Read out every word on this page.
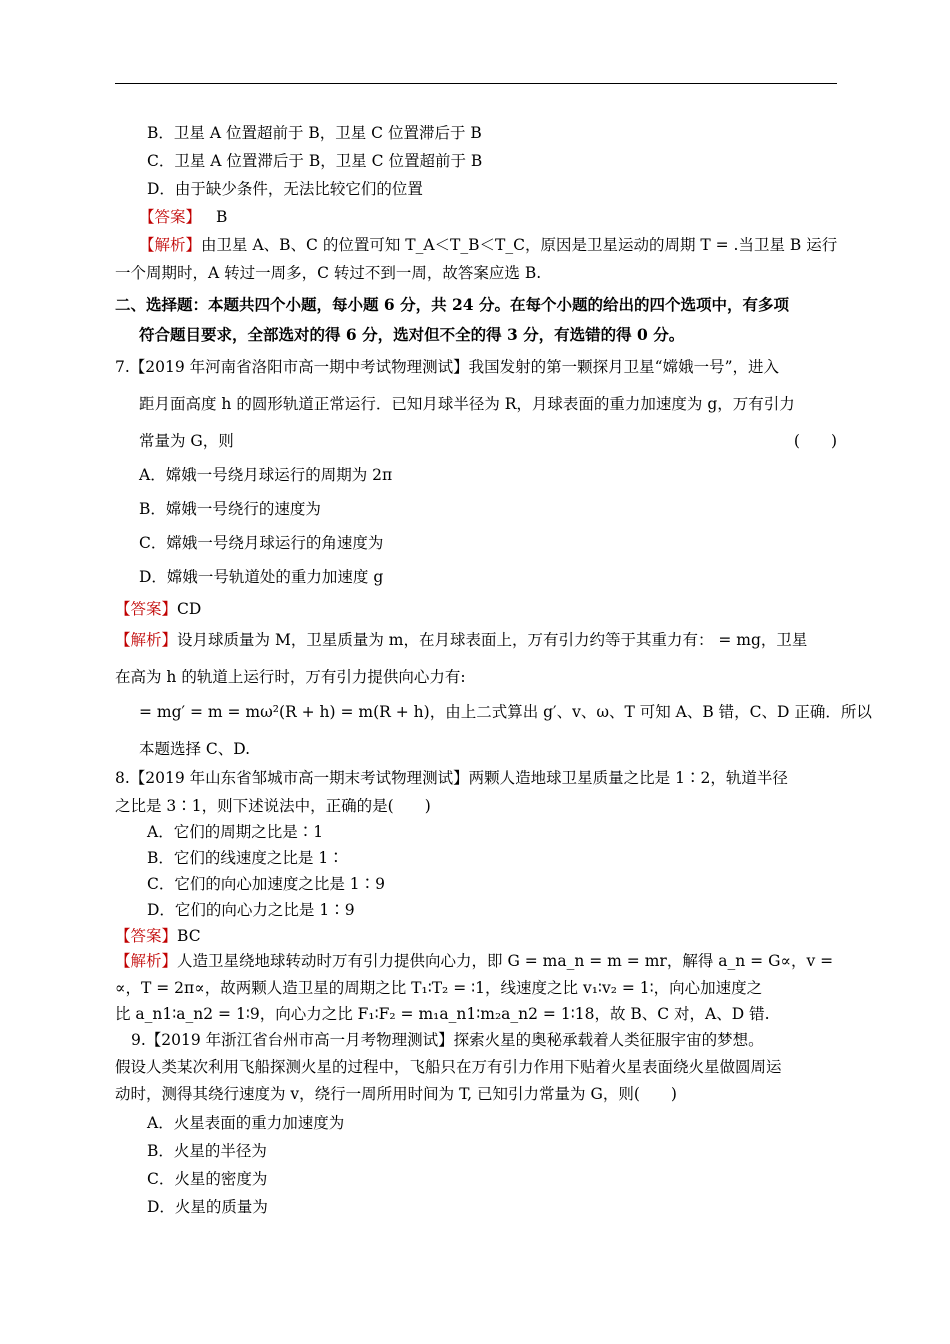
B．卫星 A 位置超前于 B，卫星 C 位置滞后于 B
C．卫星 A 位置滞后于 B，卫星 C 位置超前于 B
D．由于缺少条件，无法比较它们的位置
【答案】 B
【解析】由卫星 A、B、C 的位置可知 T_A＜T_B＜T_C，原因是卫星运动的周期 T = .当卫星 B 运行
一个周期时，A 转过一周多，C 转过不到一周，故答案应选 B.
二、选择题：本题共四个小题，每小题 6 分，共 24 分。在每个小题的给出的四个选项中，有多项
符合题目要求，全部选对的得 6 分，选对但不全的得 3 分，有选错的得 0 分。
7.【2019 年河南省洛阳市高一期中考试物理测试】我国发射的第一颗探月卫星“嫦娥一号”，进入
距月面高度 h 的圆形轨道正常运行．已知月球半径为 R，月球表面的重力加速度为 g，万有引力
常量为 G，则	(　　)
A．嫦娥一号绕月球运行的周期为 2π
B．嫦娥一号绕行的速度为
C．嫦娥一号绕月球运行的角速度为
D．嫦娥一号轨道处的重力加速度 g
【答案】CD
【解析】设月球质量为 M，卫星质量为 m，在月球表面上，万有引力约等于其重力有： = mg，卫星
在高为 h 的轨道上运行时，万有引力提供向心力有:
= mg′ = m = mω²(R + h) = m(R + h)，由上二式算出 g′、v、ω、T 可知 A、B 错，C、D 正确．所以
本题选择 C、D.
8.【2019 年山东省邹城市高一期末考试物理测试】两颗人造地球卫星质量之比是 1∶2，轨道半径
之比是 3∶1，则下述说法中，正确的是(　　)
A．它们的周期之比是∶1
B．它们的线速度之比是 1∶
C．它们的向心加速度之比是 1∶9
D．它们的向心力之比是 1∶9
【答案】BC
【解析】人造卫星绕地球转动时万有引力提供向心力，即 G = ma_n = m = mr，解得 a_n = G∝，v =
∝，T = 2π∝，故两颗人造卫星的周期之比 T₁∶T₂ = ∶1，线速度之比 v₁∶v₂ = 1∶，向心加速度之
比 a_n1∶a_n2 = 1∶9，向心力之比 F₁∶F₂ = m₁a_n1∶m₂a_n2 = 1∶18，故 B、C 对，A、D 错.
9.【2019 年浙江省台州市高一月考物理测试】探索火星的奥秘承载着人类征服宇宙的梦想。
假设人类某次利用飞船探测火星的过程中，飞船只在万有引力作用下贴着火星表面绕火星做圆周运
动时，测得其绕行速度为 v，绕行一周所用时间为 T, 已知引力常量为 G，则(　　)
A．火星表面的重力加速度为
B．火星的半径为
C．火星的密度为
D．火星的质量为
